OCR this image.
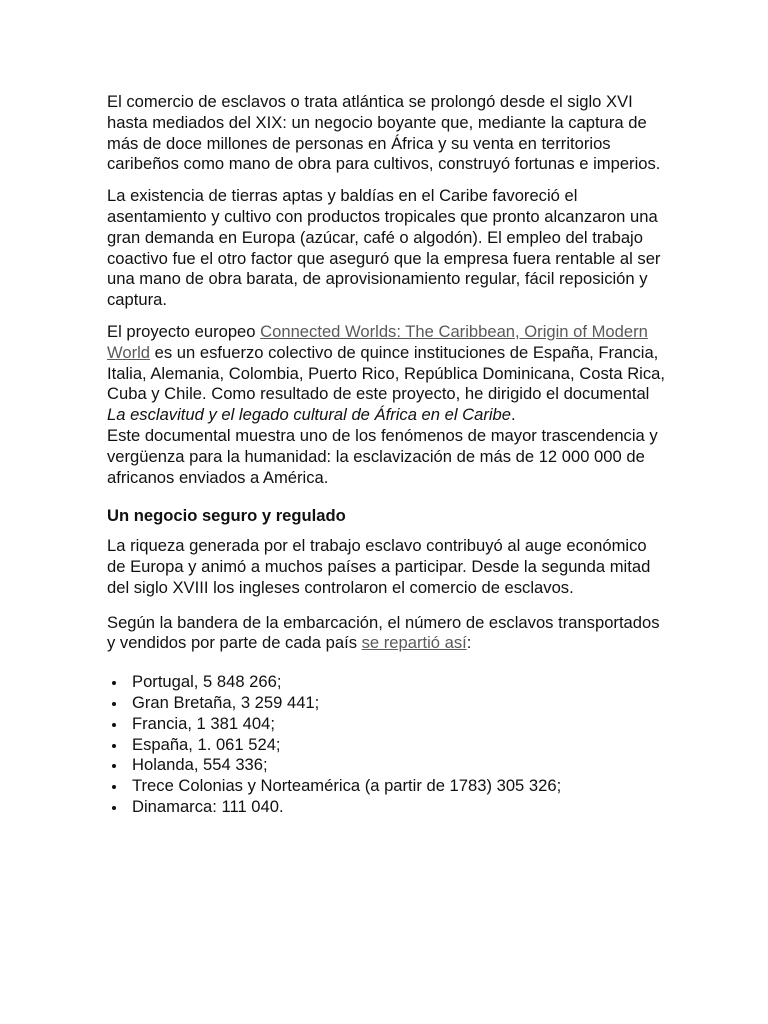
El comercio de esclavos o trata atlántica se prolongó desde el siglo XVI hasta mediados del XIX: un negocio boyante que, mediante la captura de más de doce millones de personas en África y su venta en territorios caribeños como mano de obra para cultivos, construyó fortunas e imperios.

La existencia de tierras aptas y baldías en el Caribe favoreció el asentamiento y cultivo con productos tropicales que pronto alcanzaron una gran demanda en Europa (azúcar, café o algodón). El empleo del trabajo coactivo fue el otro factor que aseguró que la empresa fuera rentable al ser una mano de obra barata, de aprovisionamiento regular, fácil reposición y captura.

El proyecto europeo Connected Worlds: The Caribbean, Origin of Modern World es un esfuerzo colectivo de quince instituciones de España, Francia, Italia, Alemania, Colombia, Puerto Rico, República Dominicana, Costa Rica, Cuba y Chile. Como resultado de este proyecto, he dirigido el documental La esclavitud y el legado cultural de África en el Caribe.

Este documental muestra uno de los fenómenos de mayor trascendencia y vergüenza para la humanidad: la esclavización de más de 12 000 000 de africanos enviados a América.

Un negocio seguro y regulado

La riqueza generada por el trabajo esclavo contribuyó al auge económico de Europa y animó a muchos países a participar. Desde la segunda mitad del siglo XVIII los ingleses controlaron el comercio de esclavos.

Según la bandera de la embarcación, el número de esclavos transportados y vendidos por parte de cada país se repartió así:

Portugal, 5 848 266;
Gran Bretaña, 3 259 441;
Francia, 1 381 404;
España, 1. 061 524;
Holanda, 554 336;
Trece Colonias y Norteamérica (a partir de 1783) 305 326;
Dinamarca: 111 040.
